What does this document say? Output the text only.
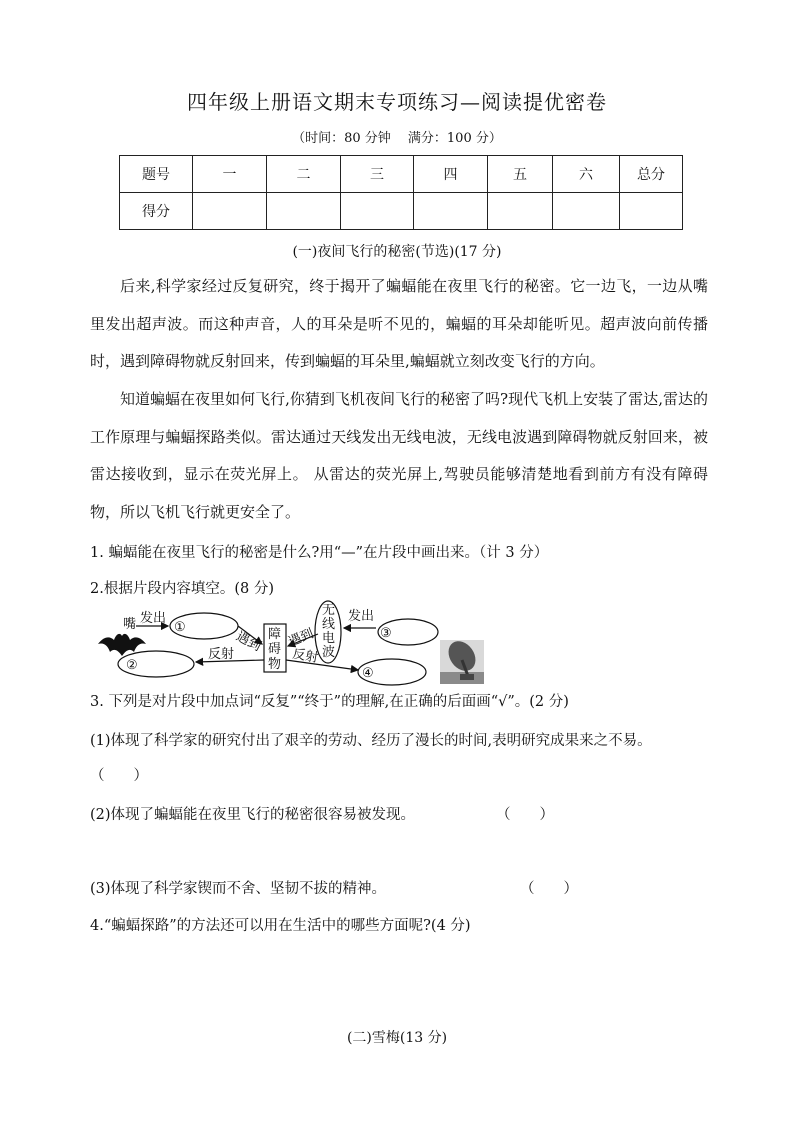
四年级上册语文期末专项练习—阅读提优密卷
（时间：80 分钟　 满分：100 分）
题号	一	二	三	四	五	六	总分
得分							
(一)夜间飞行的秘密(节选)(17 分)
后来,科学家经过反复研究，终于揭开了蝙蝠能在夜里飞行的秘密。它一边飞，一边从嘴里发出超声波。而这种声音，人的耳朵是听不见的，蝙蝠的耳朵却能听见。超声波向前传播时，遇到障碍物就反射回来，传到蝙蝠的耳朵里,蝙蝠就立刻改变飞行的方向。
知道蝙蝠在夜里如何飞行,你猜到飞机夜间飞行的秘密了吗?现代飞机上安装了雷达,雷达的工作原理与蝙蝠探路类似。雷达通过天线发出无线电波，无线电波遇到障碍物就反射回来，被雷达接收到，显示在荧光屏上。 从雷达的荧光屏上,驾驶员能够清楚地看到前方有没有障碍物，所以飞机飞行就更安全了。
1. 蝙蝠能在夜里飞行的秘密是什么?用“—”在片段中画出来。（计 3 分）
2.根据片段内容填空。(8 分)
嘴 发出
①
遇到 障
碍
物
反射
②
遇到
无
线
电
波
发出
③
反射
④
3. 下列是对片段中加点词“反复”“终于”的理解,在正确的后面画“√”。(2 分)
(1)体现了科学家的研究付出了艰辛的劳动、经历了漫长的时间,表明研究成果来之不易。
（　　）
(2)体现了蝙蝠能在夜里飞行的秘密很容易被发现。	（　　）
(3)体现了科学家锲而不舍、坚韧不拔的精神。	（　　）
4.“蝙蝠探路”的方法还可以用在生活中的哪些方面呢?(4 分)
(二)雪梅(13 分)
